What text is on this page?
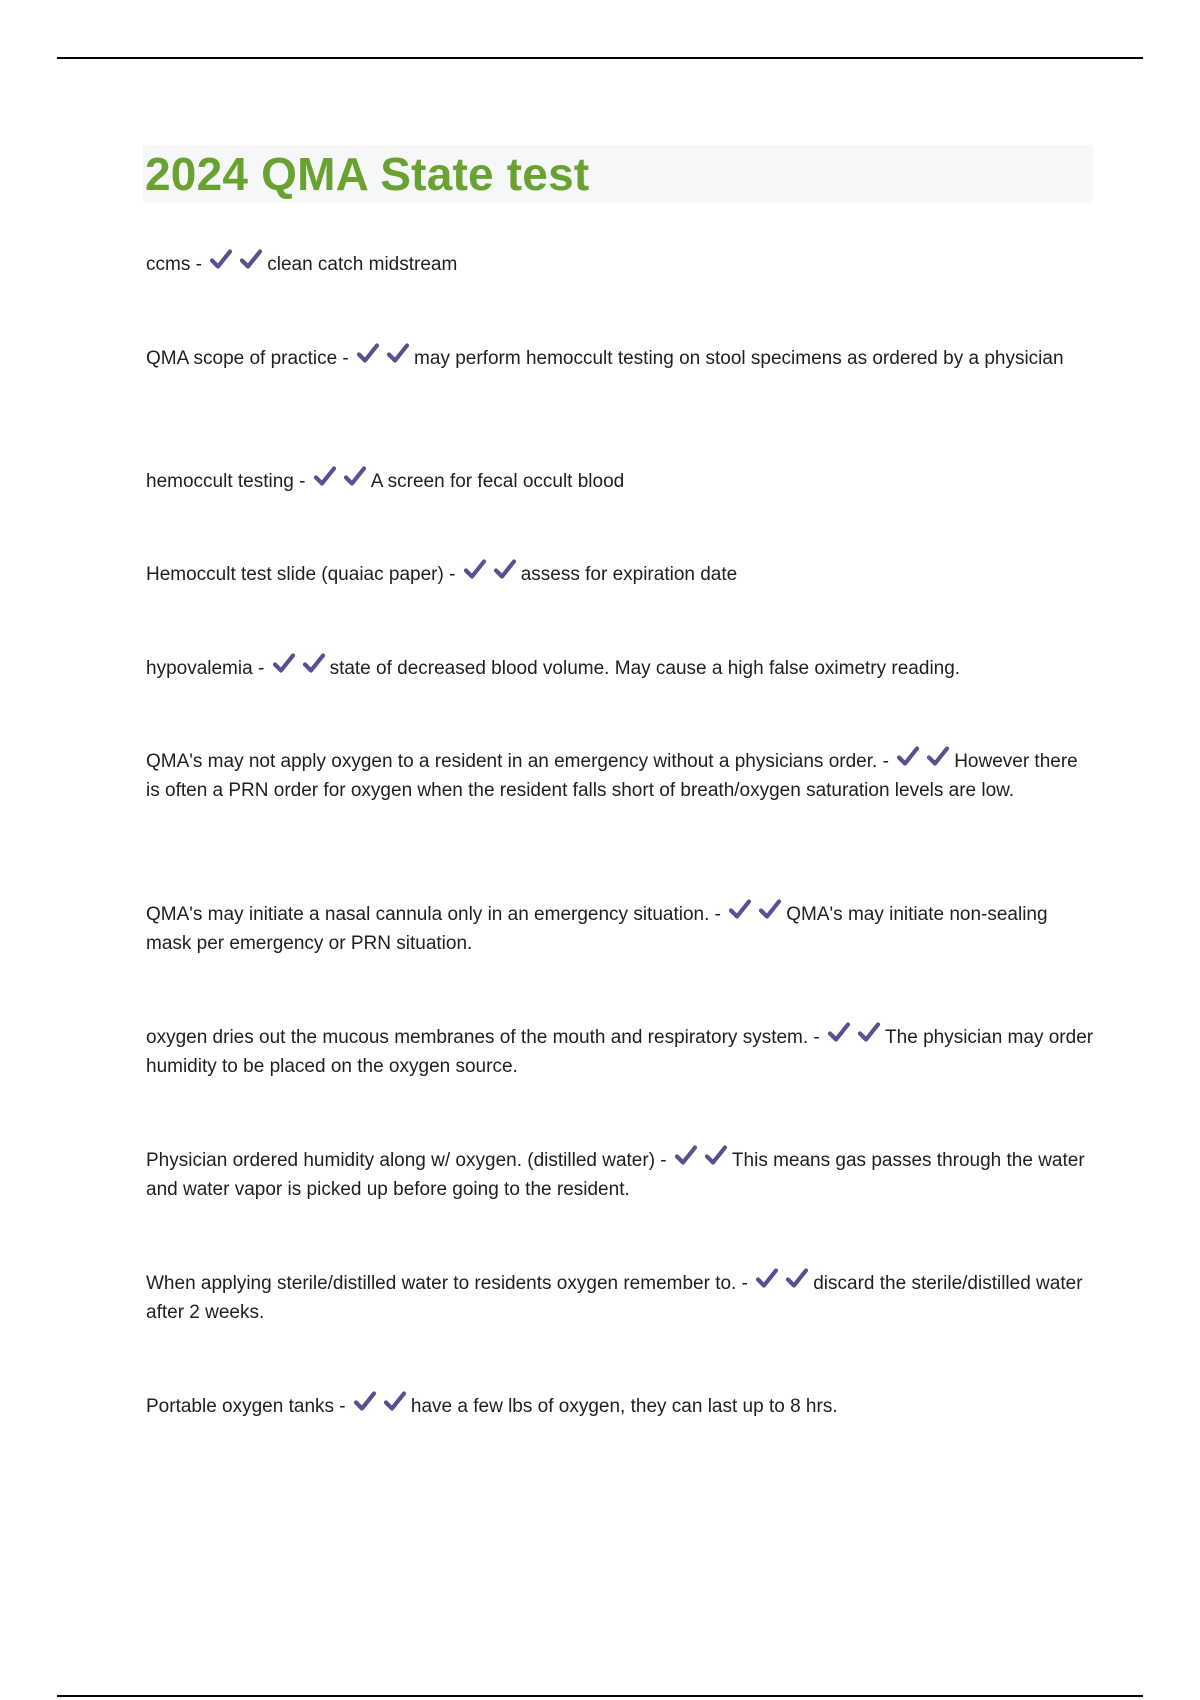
2024 QMA State test
ccms -	clean catch midstream
QMA scope of practice -	may perform hemoccult testing on stool specimens as ordered by a physician
hemoccult testing -	A screen for fecal occult blood
Hemoccult test slide (quaiac paper) -	assess for expiration date
hypovalemia -	state of decreased blood volume. May cause a high false oximetry reading.
QMA's may not apply oxygen to a resident in an emergency without a physicians order. -	However there is often a PRN order for oxygen when the resident falls short of breath/oxygen saturation levels are low.
QMA's may initiate a nasal cannula only in an emergency situation. -	QMA's may initiate non-sealing mask per emergency or PRN situation.
oxygen dries out the mucous membranes of the mouth and respiratory system. -	The physician may order humidity to be placed on the oxygen source.
Physician ordered humidity along w/ oxygen. (distilled water) -	This means gas passes through the water and water vapor is picked up before going to the resident.
When applying sterile/distilled water to residents oxygen remember to. -	discard the sterile/distilled water after 2 weeks.
Portable oxygen tanks -	have a few lbs of oxygen, they can last up to 8 hrs.
